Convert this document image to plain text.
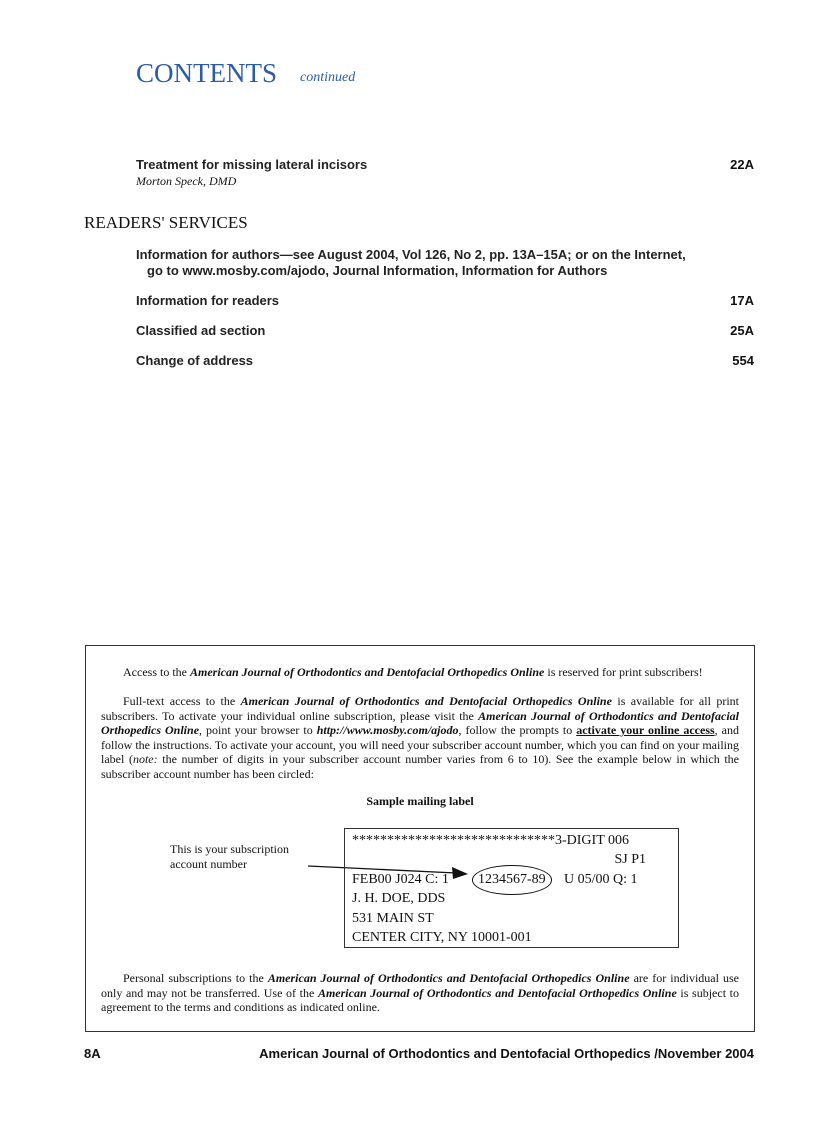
CONTENTS continued
Treatment for missing lateral incisors	22A
Morton Speck, DMD
READERS' SERVICES
Information for authors—see August 2004, Vol 126, No 2, pp. 13A–15A; or on the Internet,
go to www.mosby.com/ajodo, Journal Information, Information for Authors
Information for readers	17A
Classified ad section	25A
Change of address	554

Access to the American Journal of Orthodontics and Dentofacial Orthopedics Online is reserved for print subscribers!

Full-text access to the American Journal of Orthodontics and Dentofacial Orthopedics Online is available for all print subscribers. To activate your individual online subscription, please visit the American Journal of Orthodontics and Dentofacial Orthopedics Online, point your browser to http://www.mosby.com/ajodo, follow the prompts to activate your online access, and follow the instructions. To activate your account, you will need your subscriber account number, which you can find on your mailing label (note: the number of digits in your subscriber account number varies from 6 to 10). See the example below in which the subscriber account number has been circled:

Sample mailing label

This is your subscription account number
*****************************3-DIGIT 006
SJ P1
FEB00 J024 C: 1	1234567-89	U 05/00 Q: 1
J. H. DOE, DDS
531 MAIN ST
CENTER CITY, NY 10001-001

Personal subscriptions to the American Journal of Orthodontics and Dentofacial Orthopedics Online are for individual use only and may not be transferred. Use of the American Journal of Orthodontics and Dentofacial Orthopedics Online is subject to agreement to the terms and conditions as indicated online.

8A	American Journal of Orthodontics and Dentofacial Orthopedics /November 2004
